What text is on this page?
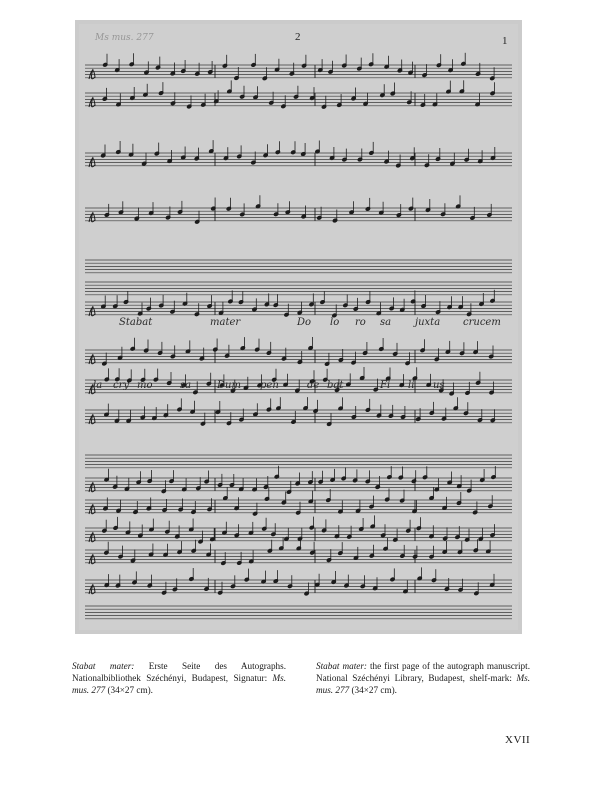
Ms mus. 277	2	1
Stabat	mater	Do lo ro sa juxta crucem
la cry mo	sa	Dum pen	de bat	Fi li us
Stabat mater: Erste Seite des Autographs. Nationalbibliothek Széchényi, Budapest, Signatur: Ms. mus. 277 (34×27 cm).
Stabat mater: the first page of the autograph manuscript. National Széchényi Library, Budapest, shelf-mark: Ms. mus. 277 (34×27 cm).
XVII
